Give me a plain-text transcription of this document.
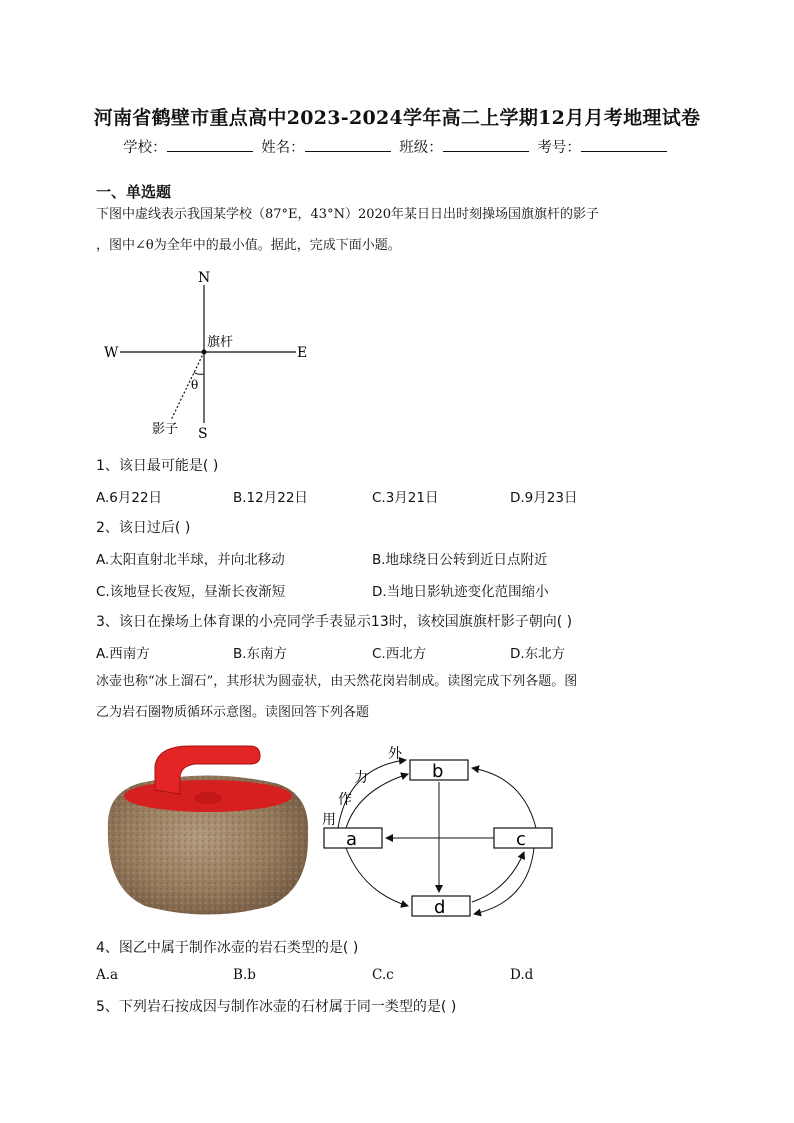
河南省鹤壁市重点高中2023-2024学年高二上学期12月月考地理试卷
学校：	姓名：	班级：	考号：
一、单选题
下图中虚线表示我国某学校（87°E，43°N）2020年某日日出时刻操场国旗旗杆的影子
，图中∠θ为全年中的最小值。据此，完成下面小题。
N
S
W	E
旗杆
θ
影子
1、该日最可能是( )
A.6月22日	B.12月22日	C.3月21日	D.9月23日
2、该日过后( )
A.太阳直射北半球，并向北移动	B.地球绕日公转到近日点附近
C.该地昼长夜短，昼渐长夜渐短	D.当地日影轨迹变化范围缩小
3、该日在操场上体育课的小亮同学手表显示13时，该校国旗旗杆影子朝向( )
A.西南方	B.东南方	C.西北方	D.东北方
冰壶也称“冰上溜石”，其形状为圆壶状，由天然花岗岩制成。读图完成下列各题。图
乙为岩石圈物质循环示意图。读图回答下列各题
b
a	c
d
外
力
作
用
4、图乙中属于制作冰壶的岩石类型的是( )
A.a	B.b	C.c	D.d
5、下列岩石按成因与制作冰壶的石材属于同一类型的是( )
